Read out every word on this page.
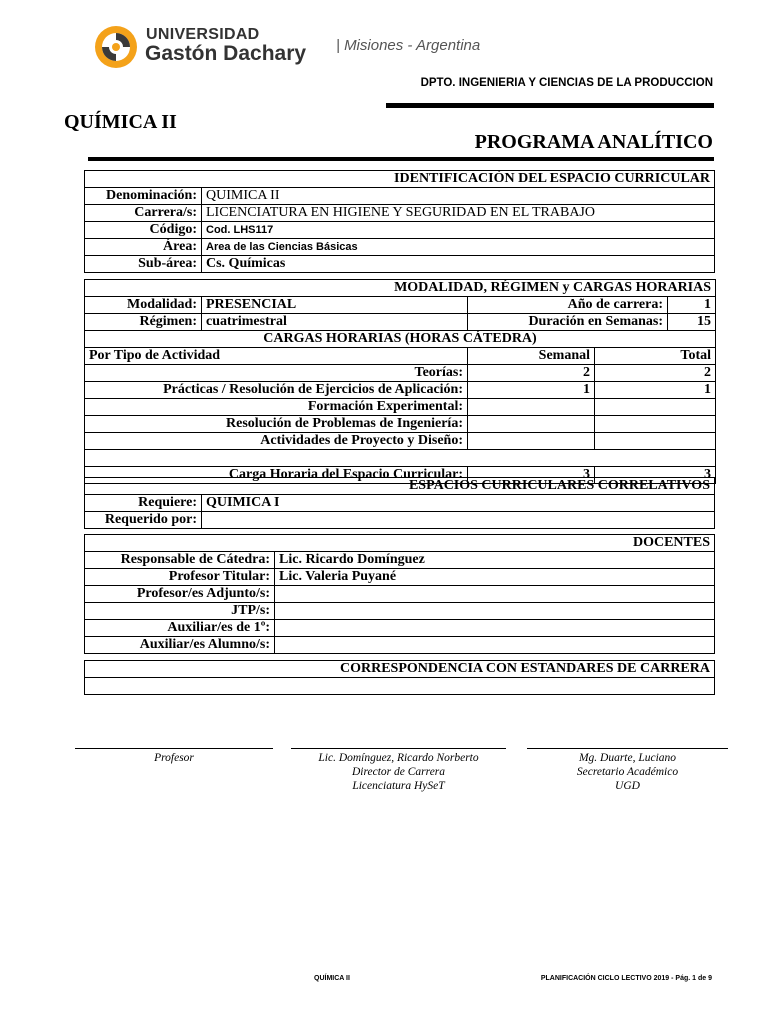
UNIVERSIDAD
Gastón Dachary | Misiones - Argentina
DPTO. INGENIERIA Y CIENCIAS DE LA PRODUCCION
QUÍMICA II
PROGRAMA ANALÍTICO
IDENTIFICACIÓN DEL ESPACIO CURRICULAR	
Denominación:	QUIMICA II
Carrera/s:	LICENCIATURA EN HIGIENE Y SEGURIDAD EN EL TRABAJO
Código:	Cod. LHS117
Área:	Area de las Ciencias Básicas
Sub-área:	Cs. Químicas
MODALIDAD, RÉGIMEN y CARGAS HORARIAS				
Modalidad:	PRESENCIAL	Año de carrera:		1
Régimen:	cuatrimestral	Duración en Semanas:		15
CARGAS HORARIAS (HORAS CÁTEDRA)				
Por Tipo de Actividad		Semanal	Total	
Teorías:		2	2	
Prácticas / Resolución de Ejercicios de Aplicación:		1	1	
Formación Experimental:				
Resolución de Problemas de Ingeniería:				
Actividades de Proyecto y Diseño:				

Carga Horaria del Espacio Curricular:		3	3	
ESPACIOS CURRICULARES CORRELATIVOS	
Requiere:	QUIMICA I
Requerido por:	
DOCENTES	
Responsable de Cátedra:	Lic. Ricardo Domínguez
Profesor Titular:	Lic. Valeria Puyané
Profesor/es Adjunto/s:	
JTP/s:	
Auxiliar/es de 1º:	
Auxiliar/es Alumno/s:	
CORRESPONDENCIA CON ESTANDARES DE CARRERA

Profesor	Lic. Domínguez, Ricardo Norberto
Director de Carrera
Licenciatura HySeT
Mg. Duarte, Luciano
Secretario Académico
UGD
QUÍMICA II	PLANIFICACIÓN CICLO LECTIVO 2019 - Pág. 1 de 9
